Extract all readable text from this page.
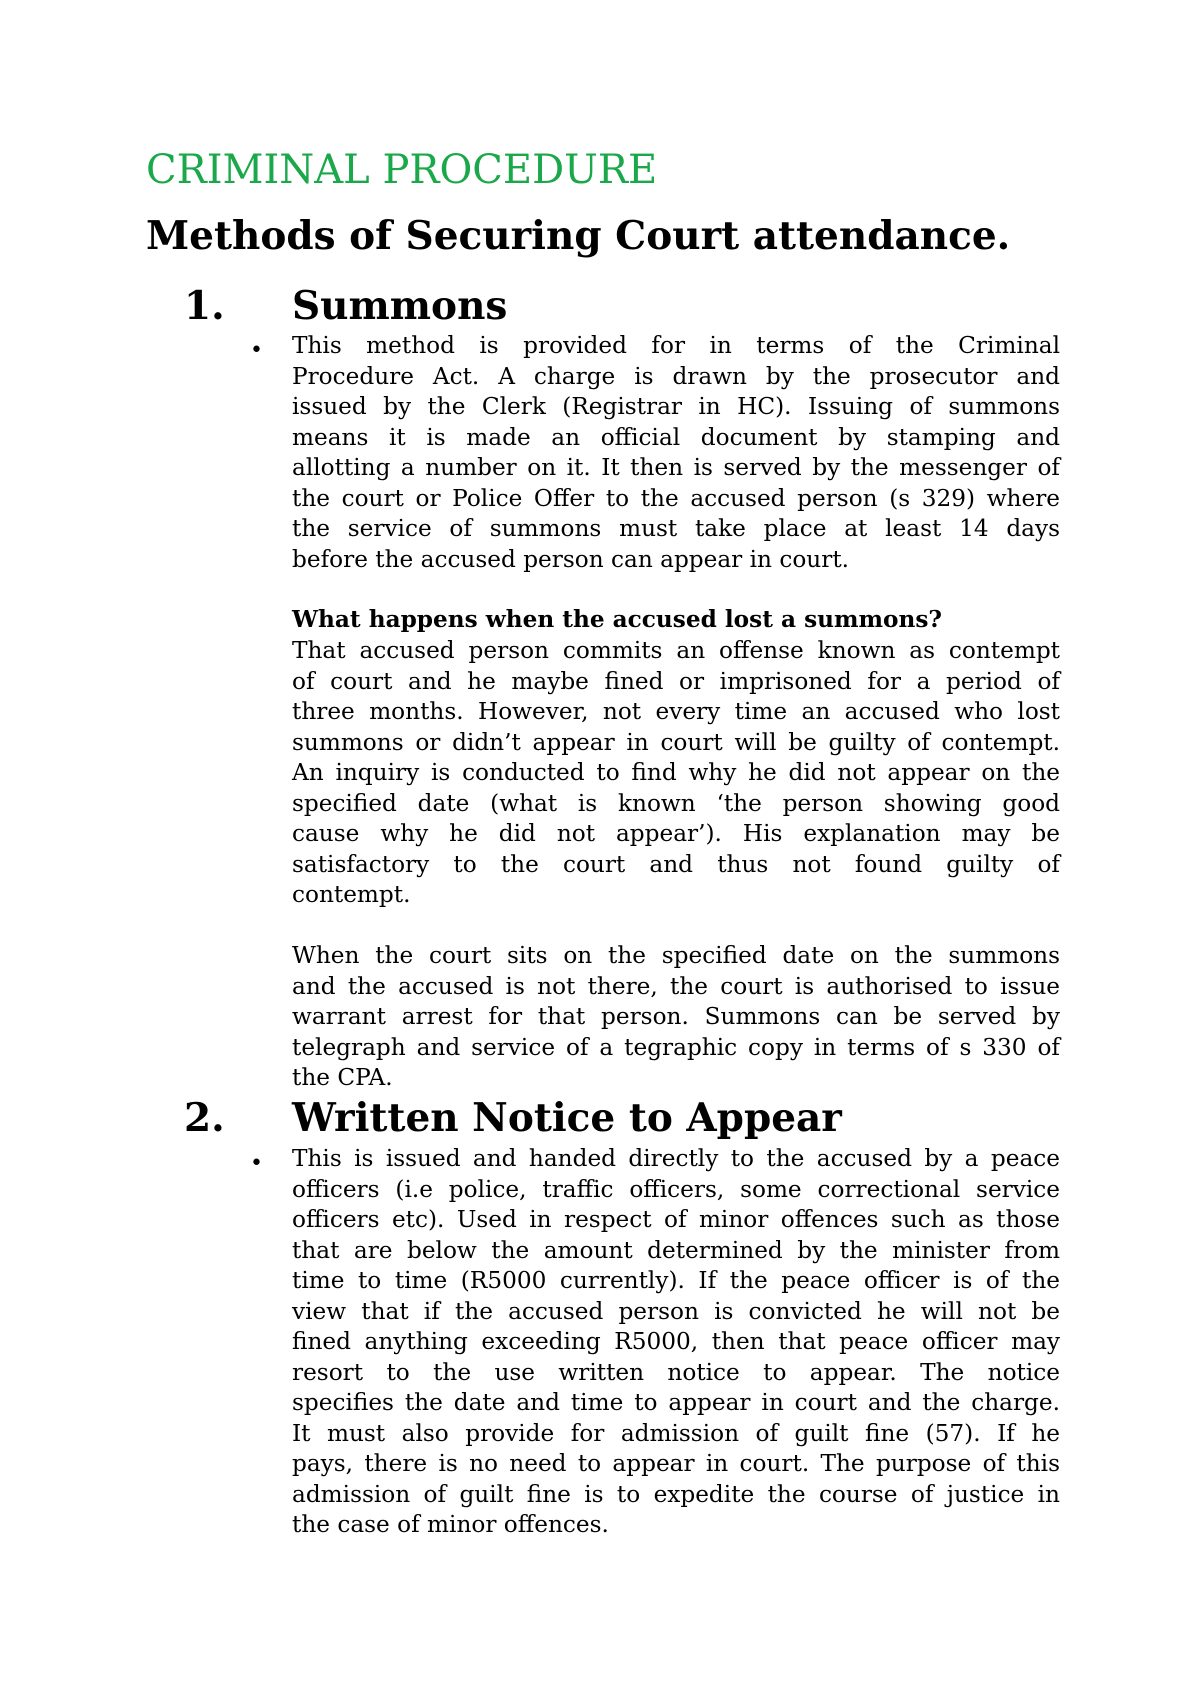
CRIMINAL PROCEDURE
Methods of Securing Court attendance.
1. Summons
• This method is provided for in terms of the Criminal
Procedure Act. A charge is drawn by the prosecutor and
issued by the Clerk (Registrar in HC). Issuing of summons
means it is made an official document by stamping and
allotting a number on it. It then is served by the messenger of
the court or Police Offer to the accused person (s 329) where
the service of summons must take place at least 14 days
before the accused person can appear in court.
What happens when the accused lost a summons?
That accused person commits an offense known as contempt
of court and he maybe fined or imprisoned for a period of
three months. However, not every time an accused who lost
summons or didn’t appear in court will be guilty of contempt.
An inquiry is conducted to find why he did not appear on the
specified date (what is known ‘the person showing good
cause why he did not appear’). His explanation may be
satisfactory to the court and thus not found guilty of
contempt.
When the court sits on the specified date on the summons
and the accused is not there, the court is authorised to issue
warrant arrest for that person. Summons can be served by
telegraph and service of a tegraphic copy in terms of s 330 of
the CPA.
2. Written Notice to Appear
• This is issued and handed directly to the accused by a peace
officers (i.e police, traffic officers, some correctional service
officers etc). Used in respect of minor offences such as those
that are below the amount determined by the minister from
time to time (R5000 currently). If the peace officer is of the
view that if the accused person is convicted he will not be
fined anything exceeding R5000, then that peace officer may
resort to the use written notice to appear. The notice
specifies the date and time to appear in court and the charge.
It must also provide for admission of guilt fine (57). If he
pays, there is no need to appear in court. The purpose of this
admission of guilt fine is to expedite the course of justice in
the case of minor offences.
